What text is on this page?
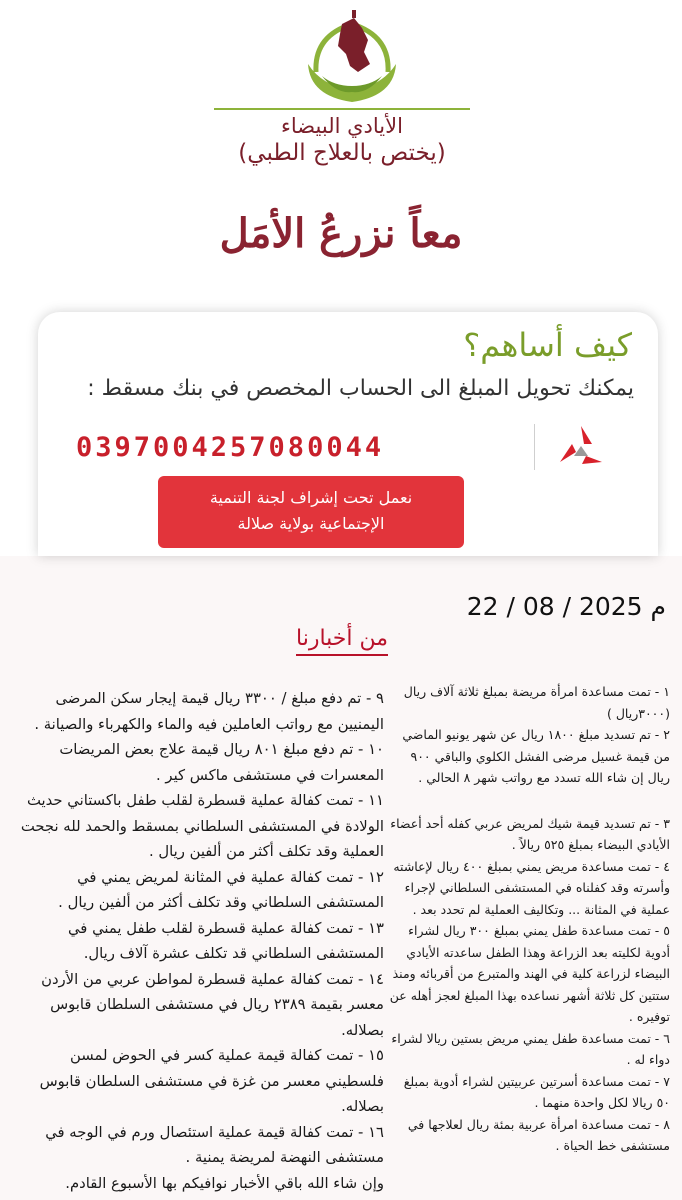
الأيادي البيضاء
(يختص بالعلاج الطبي)
معاً نزرعُ الأمَل
كيف أساهم؟
يمكنك تحويل المبلغ الى الحساب المخصص في بنك مسقط :
0397004257080044
نعمل تحت إشراف لجنة التنمية
الإجتماعية بولاية صلالة
22 / 08 / 2025 م
من أخبارنا
١ - تمت مساعدة امرأة مريضة بمبلغ ثلاثة آلاف ريال (٣٠٠٠ريال )
٢ - تم تسديد مبلغ ١٨٠٠ ريال عن شهر يونيو الماضي من قيمة غسيل مرضى الفشل الكلوي والباقي ٩٠٠ ريال إن شاء الله تسدد مع رواتب شهر ٨ الحالي .
٣ - تم تسديد قيمة شيك لمريض عربي كفله أحد أعضاء الأيادي البيضاء بمبلغ ٥٢٥ ريالاً .
٤ - تمت مساعدة مريض يمني بمبلغ ٤٠٠ ريال لإعاشته وأسرته وقد كفلناه في المستشفى السلطاني لإجراء عملية في المثانة ... وتكاليف العملية لم تحدد بعد .
٥ - تمت مساعدة طفل يمني بمبلغ ٣٠٠ ريال لشراء أدوية لكليته بعد الزراعة وهذا الطفل ساعدته الأيادي البيضاء لزراعة كلية في الهند والمتبرع من أقربائه ومنذ ستتين كل ثلاثة أشهر نساعده بهذا المبلغ لعجز أهله عن توفيره .
٦ - تمت مساعدة طفل يمني مريض بستين ريالا لشراء دواء له .
٧ - تمت مساعدة أسرتين عربيتين لشراء أدوية بمبلغ ٥٠ ريالا لكل واحدة منهما .
٨ - تمت مساعدة امرأة عربية بمئة ريال لعلاجها في مستشفى خط الحياة .
٩ - تم دفع مبلغ / ٣٣٠٠ ريال قيمة إيجار سكن المرضى اليمنيين مع رواتب العاملين فيه والماء والكهرباء والصيانة .
١٠ - تم دفع مبلغ ٨٠١ ريال قيمة علاج بعض المريضات المعسرات في مستشفى ماكس كير .
١١ - تمت كفالة عملية قسطرة لقلب طفل باكستاني حديث الولادة في المستشفى السلطاني بمسقط والحمد لله نجحت العملية وقد تكلف أكثر من ألفين ريال .
١٢ - تمت كفالة عملية في المثانة لمريض يمني في المستشفى السلطاني وقد تكلف أكثر من ألفين ريال .
١٣ - تمت كفالة عملية قسطرة لقلب طفل يمني في المستشفى السلطاني قد تكلف عشرة آلاف ريال.
١٤ - تمت كفالة عملية قسطرة لمواطن عربي من الأردن معسر بقيمة ٢٣٨٩ ريال في مستشفى السلطان قابوس بصلاله.
١٥ - تمت كفالة قيمة عملية كسر في الحوض لمسن فلسطيني معسر من غزة في مستشفى السلطان قابوس بصلاله.
١٦ - تمت كفالة قيمة عملية استئصال ورم في الوجه في مستشفى النهضة لمريضة يمنية .
وإن شاء الله باقي الأخبار نوافيكم بها الأسبوع القادم.
